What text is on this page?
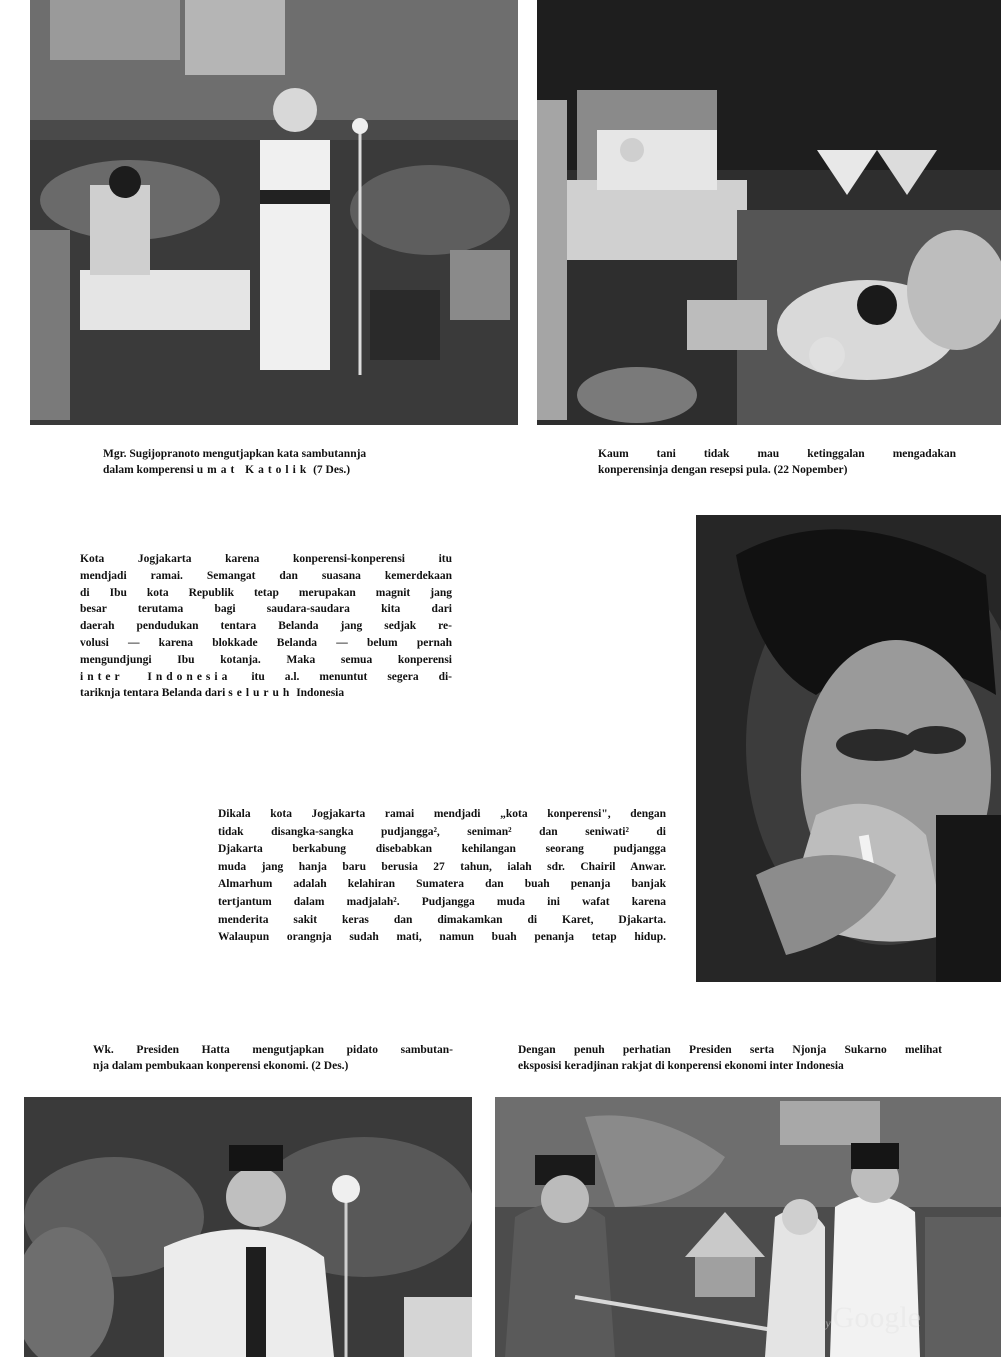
Mgr. Sugijopranoto mengutjapkan kata sambutannja
dalam komperensi umat Katolik (7 Des.)
Kaum tani tidak mau ketinggalan mengadakan
konperensinja dengan resepsi pula. (22 Nopember)
Kota Jogjakarta karena konperensi-konperensi itu
mendjadi ramai. Semangat dan suasana kemerdekaan
di Ibu kota Republik tetap merupakan magnit jang
besar terutama bagi saudara-saudara kita dari
daerah pendudukan tentara Belanda jang sedjak re-
volusi — karena blokkade Belanda — belum pernah
mengundjungi Ibu kotanja. Maka semua konperensi
inter Indonesia itu a.l. menuntut segera di-
tariknja tentara Belanda dari seluruh Indonesia
Dikala kota Jogjakarta ramai mendjadi „kota konperensi", dengan
tidak disangka-sangka pudjangga², seniman² dan seniwati² di
Djakarta berkabung disebabkan kehilangan seorang pudjangga
muda jang hanja baru berusia 27 tahun, ialah sdr. Chairil Anwar.
Almarhum adalah kelahiran Sumatera dan buah penanja banjak
tertjantum dalam madjalah². Pudjangga muda ini wafat karena
menderita sakit keras dan dimakamkan di Karet, Djakarta.
Walaupun orangnja sudah mati, namun buah penanja tetap hidup.
Wk. Presiden Hatta mengutjapkan pidato sambutan-
nja dalam pembukaan konperensi ekonomi. (2 Des.)
Dengan penuh perhatian Presiden serta Njonja Sukarno melihat
eksposisi keradjinan rakjat di konperensi ekonomi inter Indonesia
byGoogle
